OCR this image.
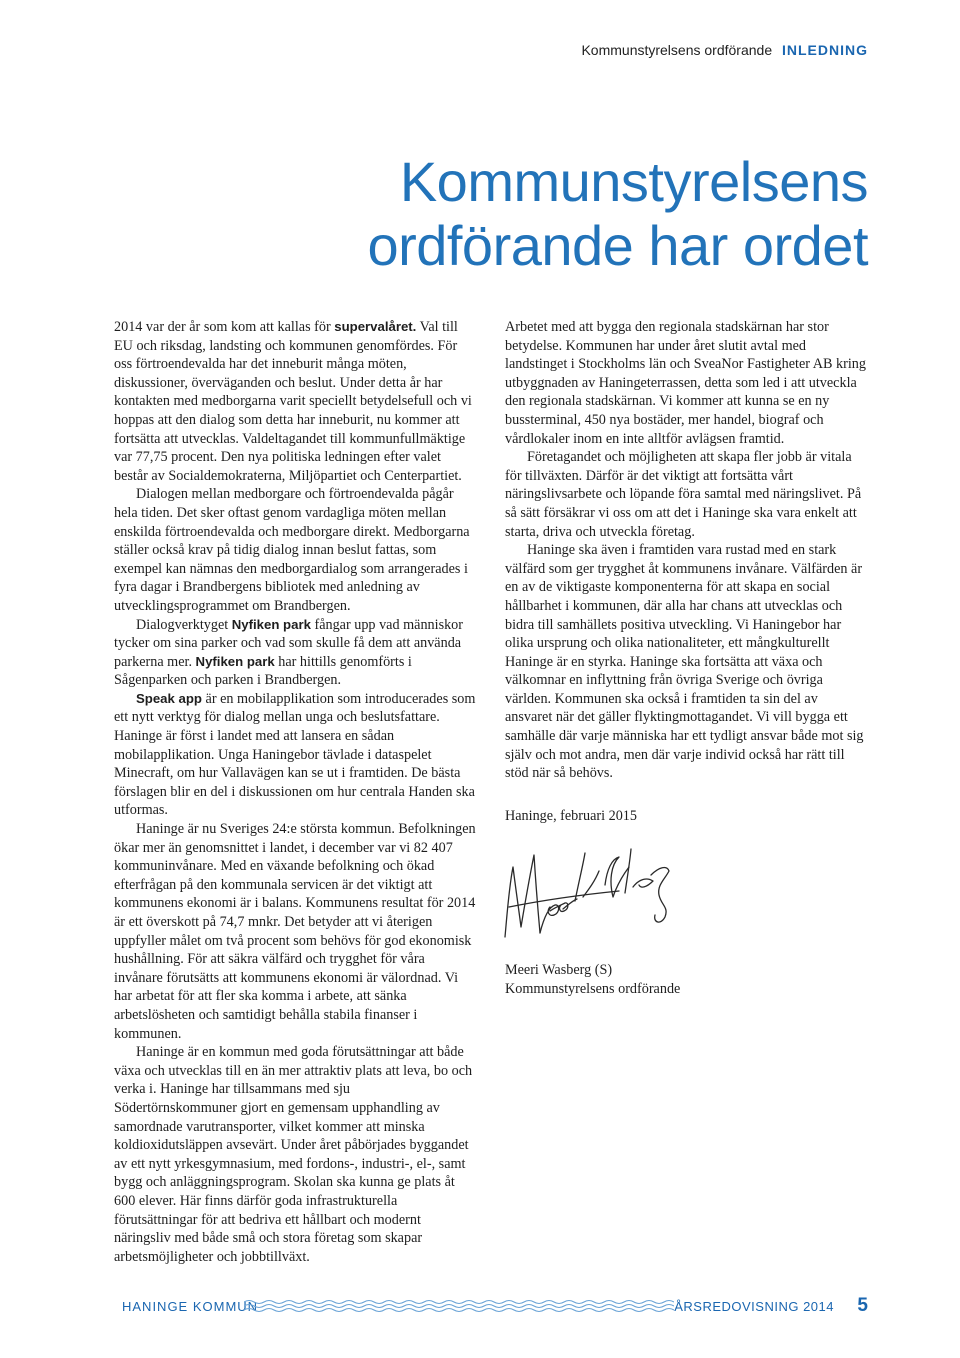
Kommunstyrelsens ordförande INLEDNING
Kommunstyrelsens
ordförande har ordet

2014 var der år som kom att kallas för supervalåret. Val till EU och riksdag, landsting och kommunen genomfördes. För oss förtroendevalda har det inneburit många möten, diskussioner, överväganden och beslut. Under detta år har kontakten med medborgarna varit speciellt betydelsefull och vi hoppas att den dialog som detta har inneburit, nu kommer att fortsätta att utvecklas. Valdeltagandet till kommunfullmäktige var 77,75 procent. Den nya politiska ledningen efter valet består av Socialdemokraterna, Miljöpartiet och Centerpartiet.

Dialogen mellan medborgare och förtroendevalda pågår hela tiden. Det sker oftast genom vardagliga möten mellan enskilda förtroendevalda och medborgare direkt. Medborgarna ställer också krav på tidig dialog innan beslut fattas, som exempel kan nämnas den medborgardialog som arrangerades i fyra dagar i Brandbergens bibliotek med anledning av utvecklingsprogrammet om Brandbergen.

Dialogverktyget Nyfiken park fångar upp vad människor tycker om sina parker och vad som skulle få dem att använda parkerna mer. Nyfiken park har hittills genomförts i Sågenparken och parken i Brandbergen.

Speak app är en mobilapplikation som introducerades som ett nytt verktyg för dialog mellan unga och beslutsfattare. Haninge är först i landet med att lansera en sådan mobilapplikation. Unga Haningebor tävlade i dataspelet Minecraft, om hur Vallavägen kan se ut i framtiden. De bästa förslagen blir en del i diskussionen om hur centrala Handen ska utformas.

Haninge är nu Sveriges 24:e största kommun. Befolkningen ökar mer än genomsnittet i landet, i december var vi 82 407 kommuninvånare. Med en växande befolkning och ökad efterfrågan på den kommunala servicen är det viktigt att kommunens ekonomi är i balans. Kommunens resultat för 2014 är ett överskott på 74,7 mnkr. Det betyder att vi återigen uppfyller målet om två procent som behövs för god ekonomisk hushållning. För att säkra välfärd och trygghet för våra invånare förutsätts att kommunens ekonomi är välordnad. Vi har arbetat för att fler ska komma i arbete, att sänka arbetslösheten och samtidigt behålla stabila finanser i kommunen.

Haninge är en kommun med goda förutsättningar att både växa och utvecklas till en än mer attraktiv plats att leva, bo och verka i. Haninge har tillsammans med sju Södertörnskommuner gjort en gemensam upphandling av samordnade varutransporter, vilket kommer att minska koldioxidutsläppen avsevärt. Under året påbörjades byggandet av ett nytt yrkesgymnasium, med fordons-, industri-, el-, samt bygg och anläggningsprogram. Skolan ska kunna ge plats åt 600 elever. Här finns därför goda infrastrukturella förutsättningar för att bedriva ett hållbart och modernt näringsliv med både små och stora företag som skapar arbetsmöjligheter och jobbtillväxt.

Arbetet med att bygga den regionala stadskärnan har stor betydelse. Kommunen har under året slutit avtal med landstinget i Stockholms län och SveaNor Fastigheter AB kring utbyggnaden av Haningeterrassen, detta som led i att utveckla den regionala stadskärnan. Vi kommer att kunna se en ny bussterminal, 450 nya bostäder, mer handel, biograf och vårdlokaler inom en inte alltför avlägsen framtid.

Företagandet och möjligheten att skapa fler jobb är vitala för tillväxten. Därför är det viktigt att fortsätta vårt näringslivsarbete och löpande föra samtal med näringslivet. På så sätt försäkrar vi oss om att det i Haninge ska vara enkelt att starta, driva och utveckla företag.

Haninge ska även i framtiden vara rustad med en stark välfärd som ger trygghet åt kommunens invånare. Välfärden är en av de viktigaste komponenterna för att skapa en social hållbarhet i kommunen, där alla har chans att utvecklas och bidra till samhällets positiva utveckling. Vi Haningebor har olika ursprung och olika nationaliteter, ett mångkulturellt Haninge är en styrka. Haninge ska fortsätta att växa och välkomnar en inflyttning från övriga Sverige och övriga världen. Kommunen ska också i framtiden ta sin del av ansvaret när det gäller flyktingmottagandet. Vi vill bygga ett samhälle där varje människa har ett tydligt ansvar både mot sig själv och mot andra, men där varje individ också har rätt till stöd när så behövs.

Haninge, februari 2015

Meeri Wasberg (S)

Kommunstyrelsens ordförande

HANINGE KOMMUN	ÅRSREDOVISNING 2014 5
